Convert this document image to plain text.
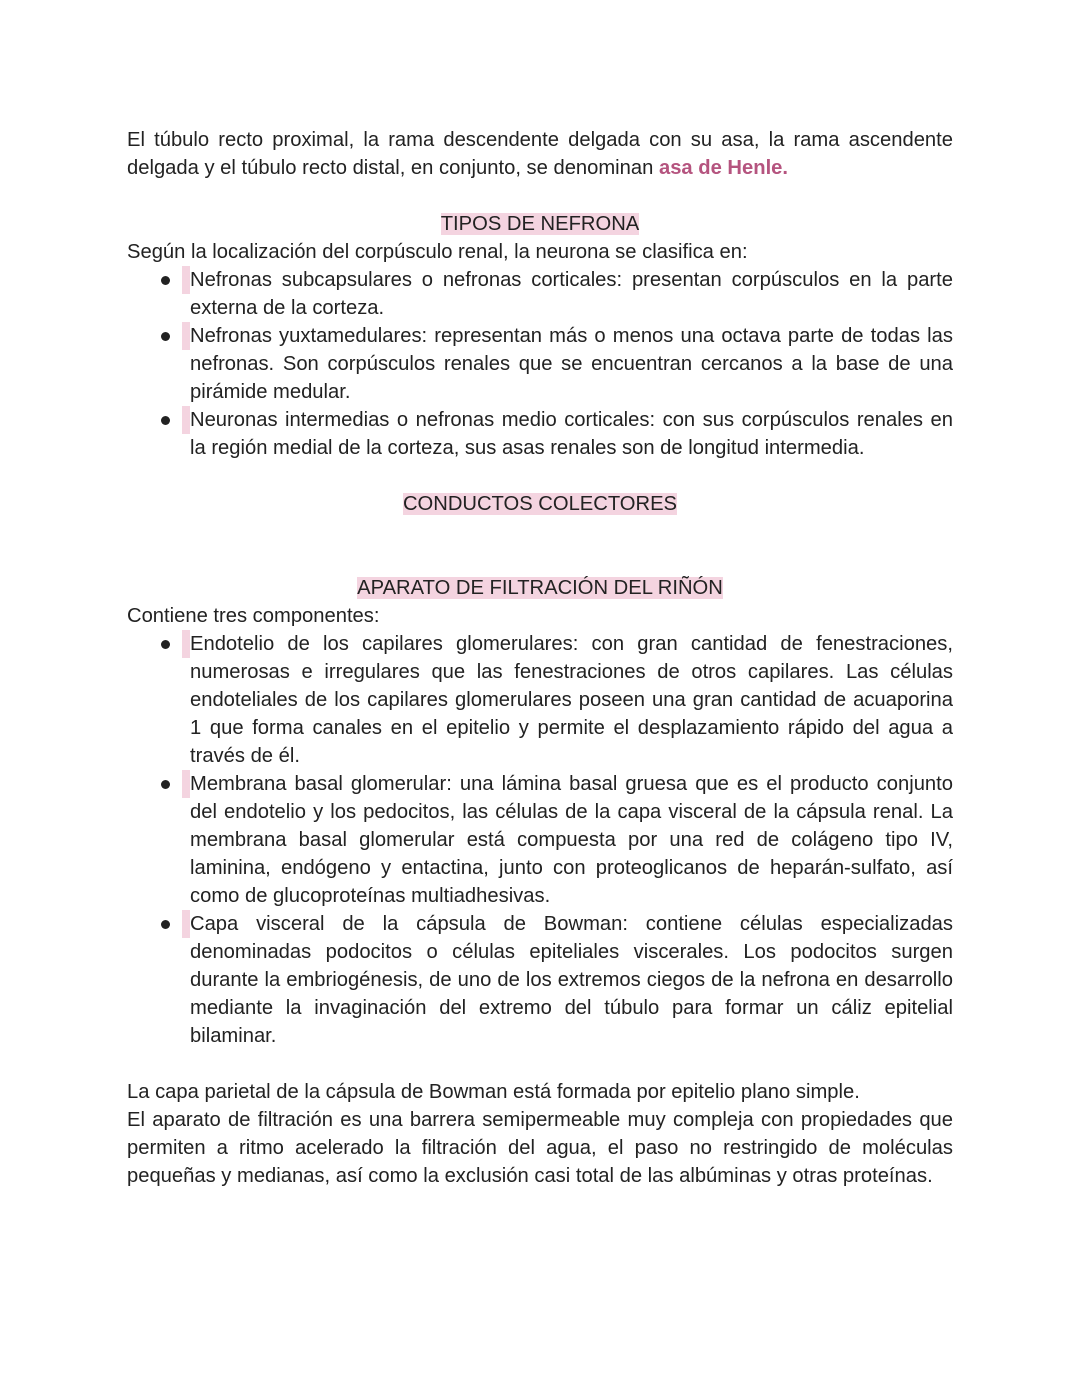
El túbulo recto proximal, la rama descendente delgada con su asa, la rama ascendente delgada y el túbulo recto distal, en conjunto, se denominan asa de Henle.

TIPOS DE NEFRONA

Según la localización del corpúsculo renal, la neurona se clasifica en:

Nefronas subcapsulares o nefronas corticales: presentan corpúsculos en la parte externa de la corteza.
Nefronas yuxtamedulares: representan más o menos una octava parte de todas las nefronas. Son corpúsculos renales que se encuentran cercanos a la base de una pirámide medular.
Neuronas intermedias o nefronas medio corticales: con sus corpúsculos renales en la región medial de la corteza, sus asas renales son de longitud intermedia.

CONDUCTOS COLECTORES

APARATO DE FILTRACIÓN DEL RIÑÓN

Contiene tres componentes:

Endotelio de los capilares glomerulares: con gran cantidad de fenestraciones, numerosas e irregulares que las fenestraciones de otros capilares. Las células endoteliales de los capilares glomerulares poseen una gran cantidad de acuaporina 1 que forma canales en el epitelio y permite el desplazamiento rápido del agua a través de él.
Membrana basal glomerular: una lámina basal gruesa que es el producto conjunto del endotelio y los pedocitos, las células de la capa visceral de la cápsula renal. La membrana basal glomerular está compuesta por una red de colágeno tipo IV, laminina, endógeno y entactina, junto con proteoglicanos de heparán-sulfato, así como de glucoproteínas multiadhesivas.
Capa visceral de la cápsula de Bowman: contiene células especializadas denominadas podocitos o células epiteliales viscerales. Los podocitos surgen durante la embriogénesis, de uno de los extremos ciegos de la nefrona en desarrollo mediante la invaginación del extremo del túbulo para formar un cáliz epitelial bilaminar.

La capa parietal de la cápsula de Bowman está formada por epitelio plano simple.

El aparato de filtración es una barrera semipermeable muy compleja con propiedades que permiten a ritmo acelerado la filtración del agua, el paso no restringido de moléculas pequeñas y medianas, así como la exclusión casi total de las albúminas y otras proteínas.
